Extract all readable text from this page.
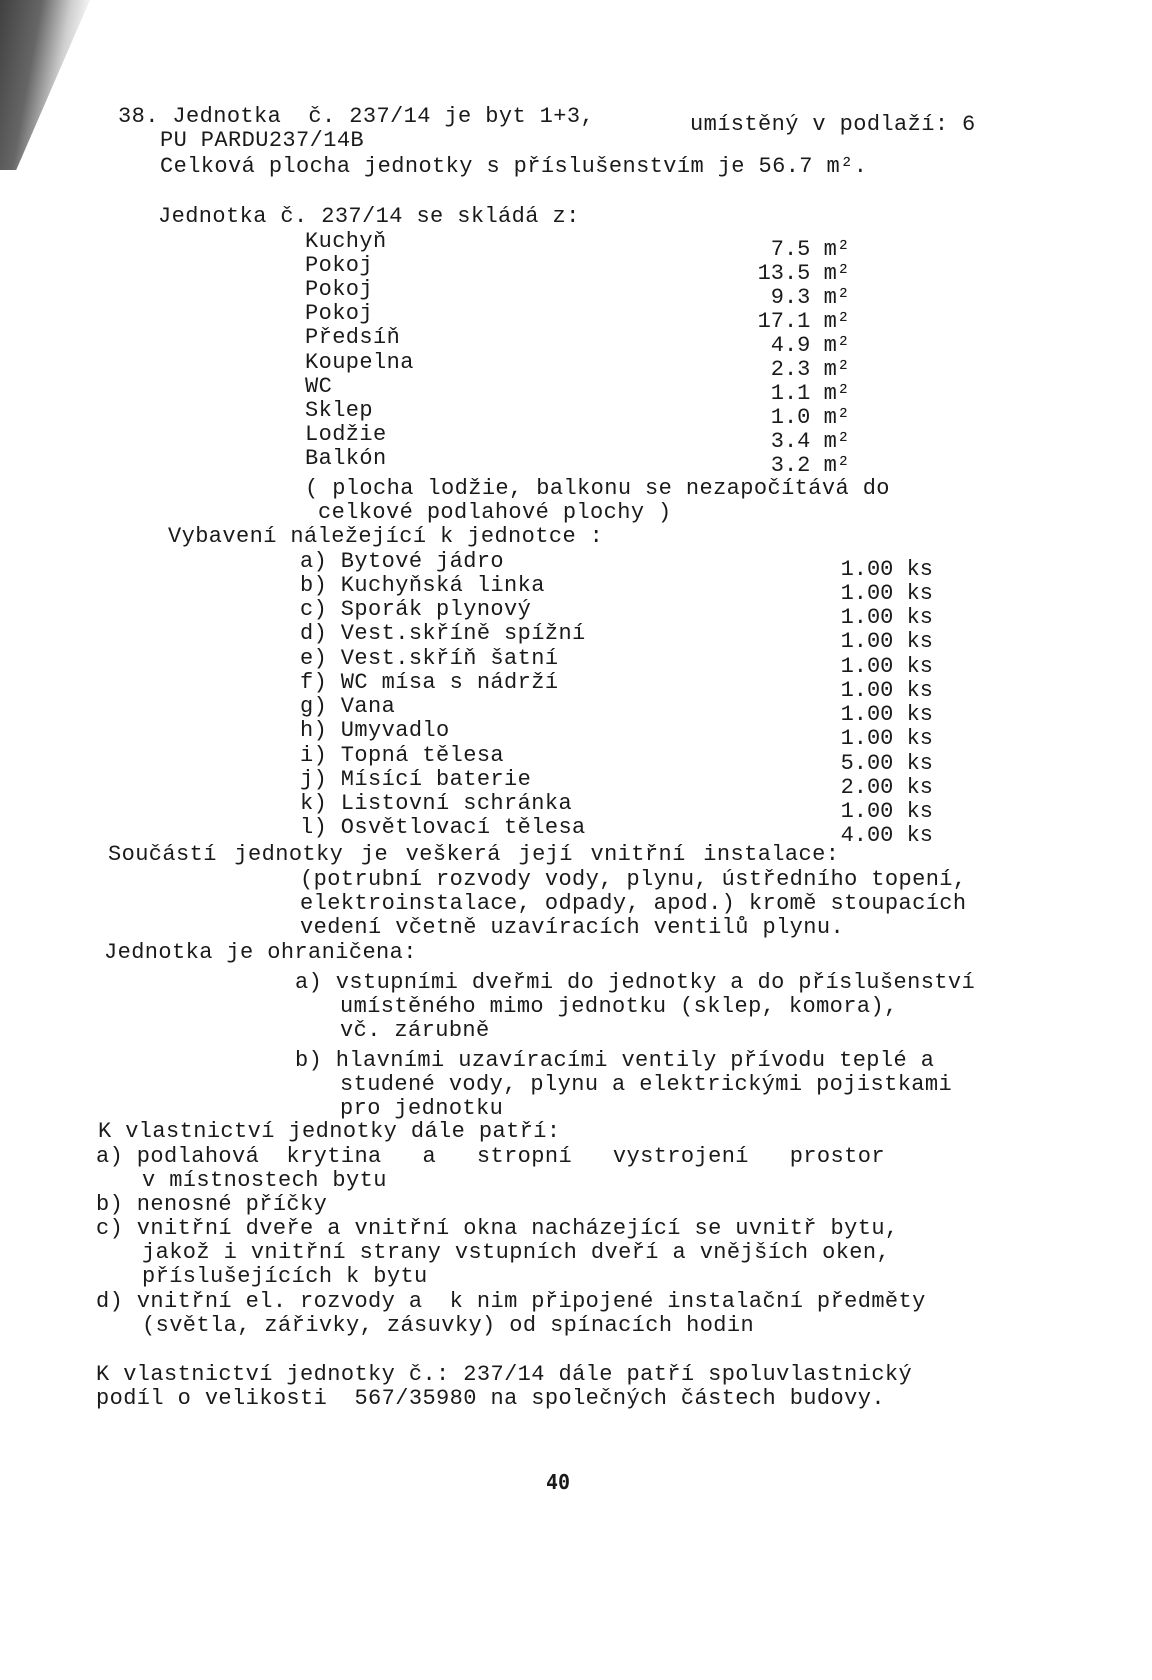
38. Jednotka  č. 237/14 je byt 1+3,	umístěný v podlaží: 6
PU PARDU237/14B
Celková plocha jednotky s příslušenstvím je 56.7 m².
Jednotka č. 237/14 se skládá z:
Kuchyň	7.5 m²
Pokoj	13.5 m²
Pokoj	9.3 m²
Pokoj	17.1 m²
Předsíň	4.9 m²
Koupelna	2.3 m²
WC	1.1 m²
Sklep	1.0 m²
Lodžie	3.4 m²
Balkón	3.2 m²
( plocha lodžie, balkonu se nezapočítává do
celkové podlahové plochy )
Vybavení náležející k jednotce :
a) Bytové jádro	1.00 ks
b) Kuchyňská linka	1.00 ks
c) Sporák plynový	1.00 ks
d) Vest.skříně spížní	1.00 ks
e) Vest.skříň šatní	1.00 ks
f) WC mísa s nádrží	1.00 ks
g) Vana	1.00 ks
h) Umyvadlo	1.00 ks
i) Topná tělesa	5.00 ks
j) Mísící baterie	2.00 ks
k) Listovní schránka	1.00 ks
l) Osvětlovací tělesa	4.00 ks
Součástí jednotky je veškerá její vnitřní instalace:
(potrubní rozvody vody, plynu, ústředního topení,
elektroinstalace, odpady, apod.) kromě stoupacích
vedení včetně uzavíracích ventilů plynu.
Jednotka je ohraničena:
a) vstupními dveřmi do jednotky a do příslušenství
umístěného mimo jednotku (sklep, komora),
vč. zárubně
b) hlavními uzavíracími ventily přívodu teplé a
studené vody, plynu a elektrickými pojistkami
pro jednotku
K vlastnictví jednotky dále patří:
a) podlahová  krytina   a   stropní   vystrojení   prostor
v místnostech bytu
b) nenosné příčky
c) vnitřní dveře a vnitřní okna nacházející se uvnitř bytu,
jakož i vnitřní strany vstupních dveří a vnějších oken,
příslušejících k bytu
d) vnitřní el. rozvody a  k nim připojené instalační předměty
(světla, zářivky, zásuvky) od spínacích hodin
K vlastnictví jednotky č.: 237/14 dále patří spoluvlastnický
podíl o velikosti  567/35980 na společných částech budovy.
40
